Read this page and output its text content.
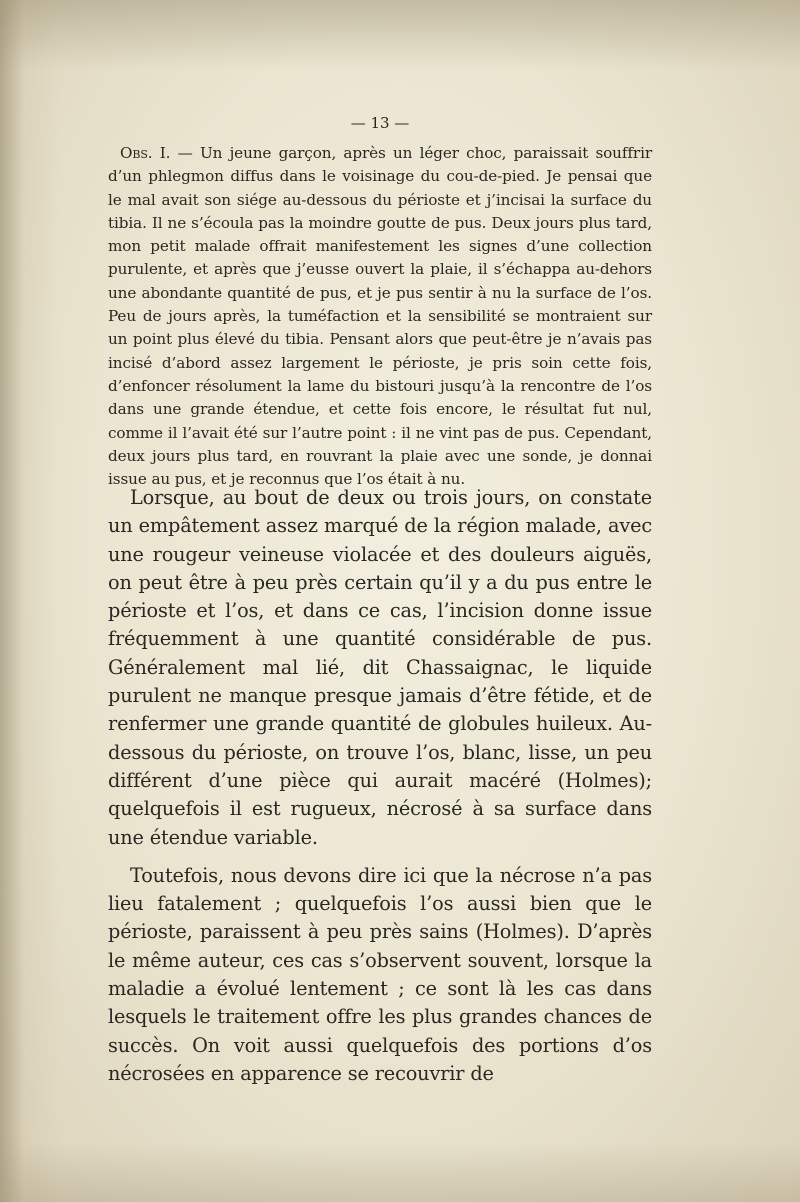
— 13 —

Obs. I. — Un jeune garçon, après un léger choc, paraissait souffrir d’un phlegmon diffus dans le voisinage du cou-de-pied. Je pensai que le mal avait son siége au-dessous du périoste et j’incisai la surface du tibia. Il ne s’écoula pas la moindre goutte de pus. Deux jours plus tard, mon petit malade offrait manifestement les signes d’une collection purulente, et après que j’eusse ouvert la plaie, il s’échappa au-dehors une abondante quantité de pus, et je pus sentir à nu la surface de l’os. Peu de jours après, la tuméfaction et la sensibilité se montraient sur un point plus élevé du tibia. Pensant alors que peut-être je n’avais pas incisé d’abord assez largement le périoste, je pris soin cette fois, d’enfoncer résolument la lame du bistouri jusqu’à la rencontre de l’os dans une grande étendue, et cette fois encore, le résultat fut nul, comme il l’avait été sur l’autre point : il ne vint pas de pus. Cependant, deux jours plus tard, en rouvrant la plaie avec une sonde, je donnai issue au pus, et je reconnus que l’os était à nu.

Lorsque, au bout de deux ou trois jours, on constate un empâtement assez marqué de la région malade, avec une rougeur veineuse violacée et des douleurs aiguës, on peut être à peu près certain qu’il y a du pus entre le périoste et l’os, et dans ce cas, l’incision donne issue fréquemment à une quantité considérable de pus. Généralement mal lié, dit Chassaignac, le liquide purulent ne manque presque jamais d’être fétide, et de renfermer une grande quantité de globules huileux. Au-dessous du périoste, on trouve l’os, blanc, lisse, un peu différent d’une pièce qui aurait macéré (Holmes); quelquefois il est rugueux, nécrosé à sa surface dans une étendue variable.

Toutefois, nous devons dire ici que la nécrose n’a pas lieu fatalement ; quelquefois l’os aussi bien que le périoste, paraissent à peu près sains (Holmes). D’après le même auteur, ces cas s’observent souvent, lorsque la maladie a évolué lentement ; ce sont là les cas dans lesquels le traitement offre les plus grandes chances de succès. On voit aussi quelquefois des portions d’os nécrosées en apparence se recouvrir de
